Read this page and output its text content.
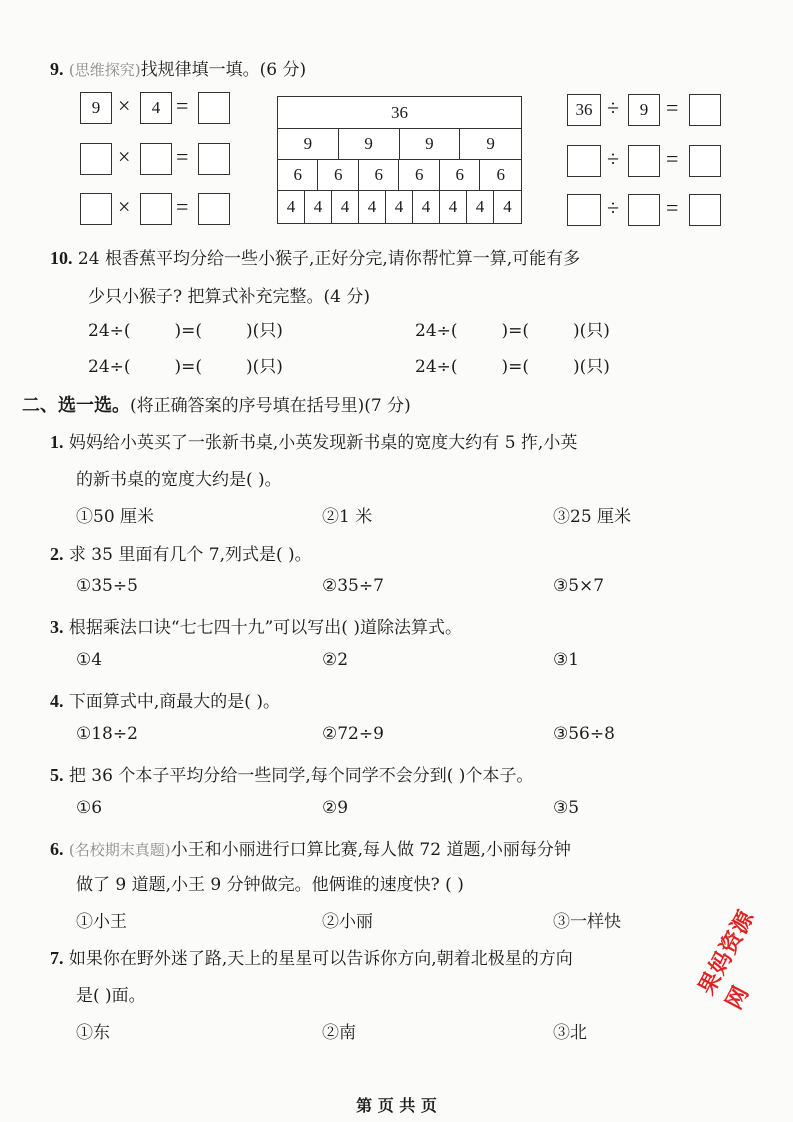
9. (思维探究)找规律填一填。(6 分)
9 ×	4 =
× =
× =
36
9	9	9	9
6	6	6	6	6	6
4	4	4	4	4	4	4	4	4
36 ÷	9 =
÷ =
÷ =
10. 24 根香蕉平均分给一些小猴子,正好分完,请你帮忙算一算,可能有多
少只小猴子? 把算式补充完整。(4 分)
24÷(	)=(	)(只)	24÷(	)=(	)(只)
24÷(	)=(	)(只)	24÷(	)=(	)(只)
二、选一选。(将正确答案的序号填在括号里)(7 分)
1. 妈妈给小英买了一张新书桌,小英发现新书桌的宽度大约有 5 拃,小英
的新书桌的宽度大约是( )。
①50 厘米	②1 米	③25 厘米
2. 求 35 里面有几个 7,列式是( )。
①35÷5	②35÷7	③5×7
3. 根据乘法口诀“七七四十九”可以写出( )道除法算式。
①4	②2	③1
4. 下面算式中,商最大的是( )。
①18÷2	②72÷9	③56÷8
5. 把 36 个本子平均分给一些同学,每个同学不会分到( )个本子。
①6	②9	③5
6. (名校期末真题)小王和小丽进行口算比赛,每人做 72 道题,小丽每分钟
做了 9 道题,小王 9 分钟做完。他俩谁的速度快? ( )
①小王	②小丽	③一样快
7. 如果你在野外迷了路,天上的星星可以告诉你方向,朝着北极星的方向
是( )面。
①东	②南	③北
果妈资源网
第 页 共 页
